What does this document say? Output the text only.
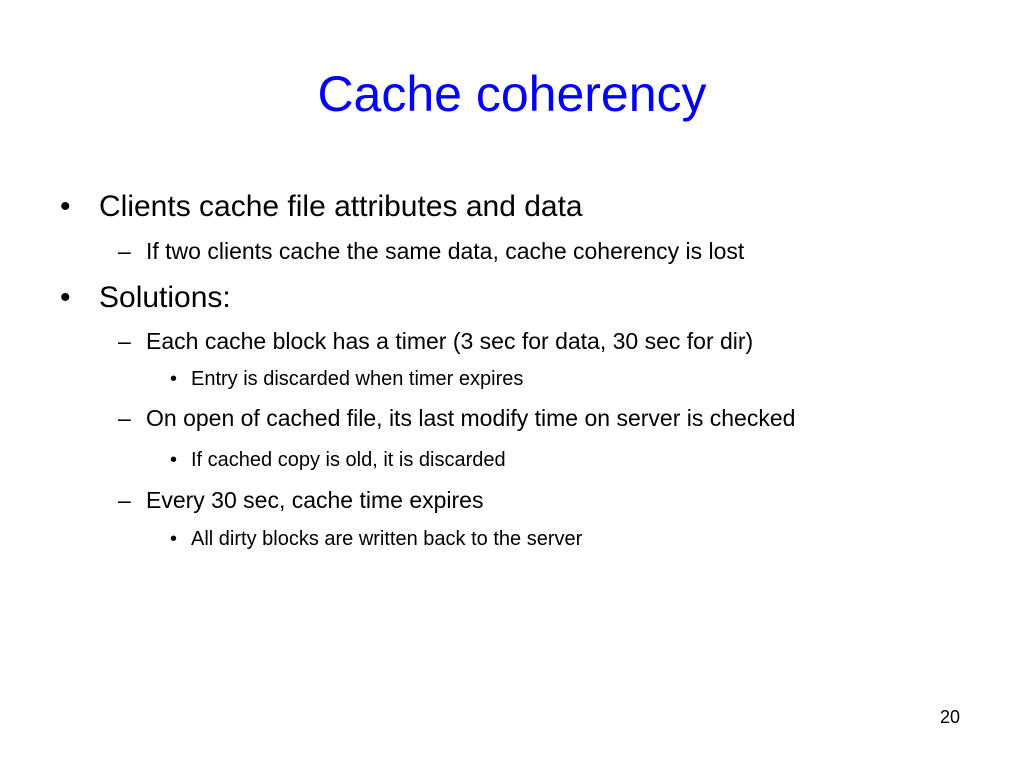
Cache coherency
• Clients cache file attributes and data
– If two clients cache the same data, cache coherency is lost
• Solutions:
– Each cache block has a timer (3 sec for data, 30 sec for dir)
• Entry is discarded when timer expires
– On open of cached file, its last modify time on server is checked
• If cached copy is old, it is discarded
– Every 30 sec, cache time expires
• All dirty blocks are written back to the server
20
